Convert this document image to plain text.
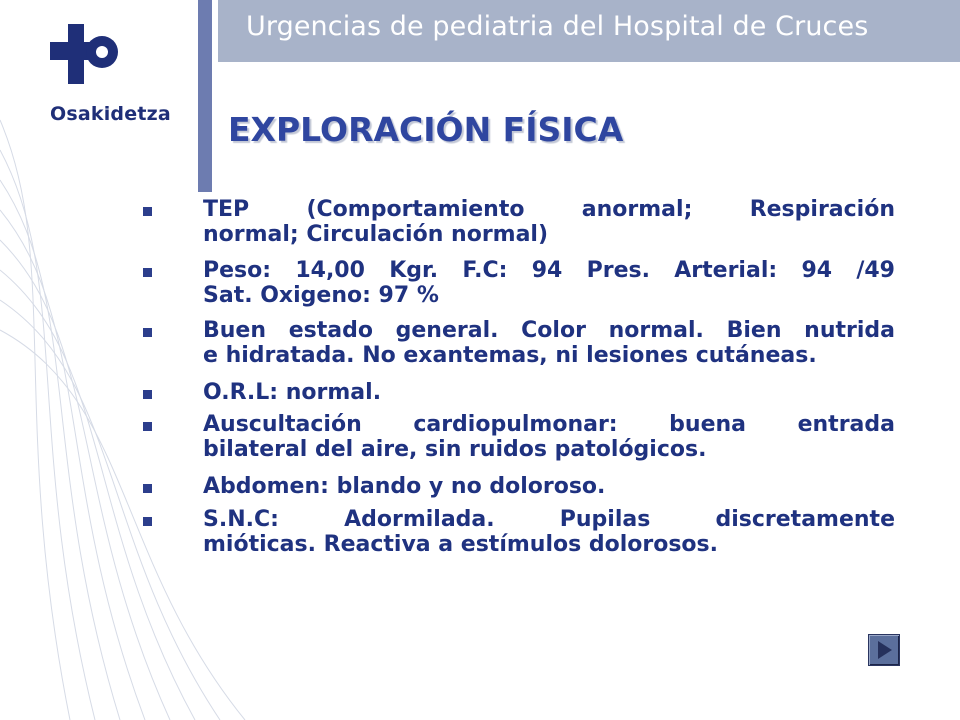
Osakidetza
Urgencias de pediatria del Hospital de Cruces
EXPLORACIÓN FÍSICA
TEP (Comportamiento anormal; Respiración
normal; Circulación normal)
Peso: 14,00 Kgr. F.C: 94 Pres. Arterial: 94 /49
Sat. Oxigeno: 97 %
Buen estado general. Color normal. Bien nutrida
e hidratada. No exantemas, ni lesiones cutáneas.
O.R.L: normal.
Auscultación cardiopulmonar: buena entrada
bilateral del aire, sin ruidos patológicos.
Abdomen: blando y no doloroso.
S.N.C: Adormilada. Pupilas discretamente
mióticas. Reactiva a estímulos dolorosos.
